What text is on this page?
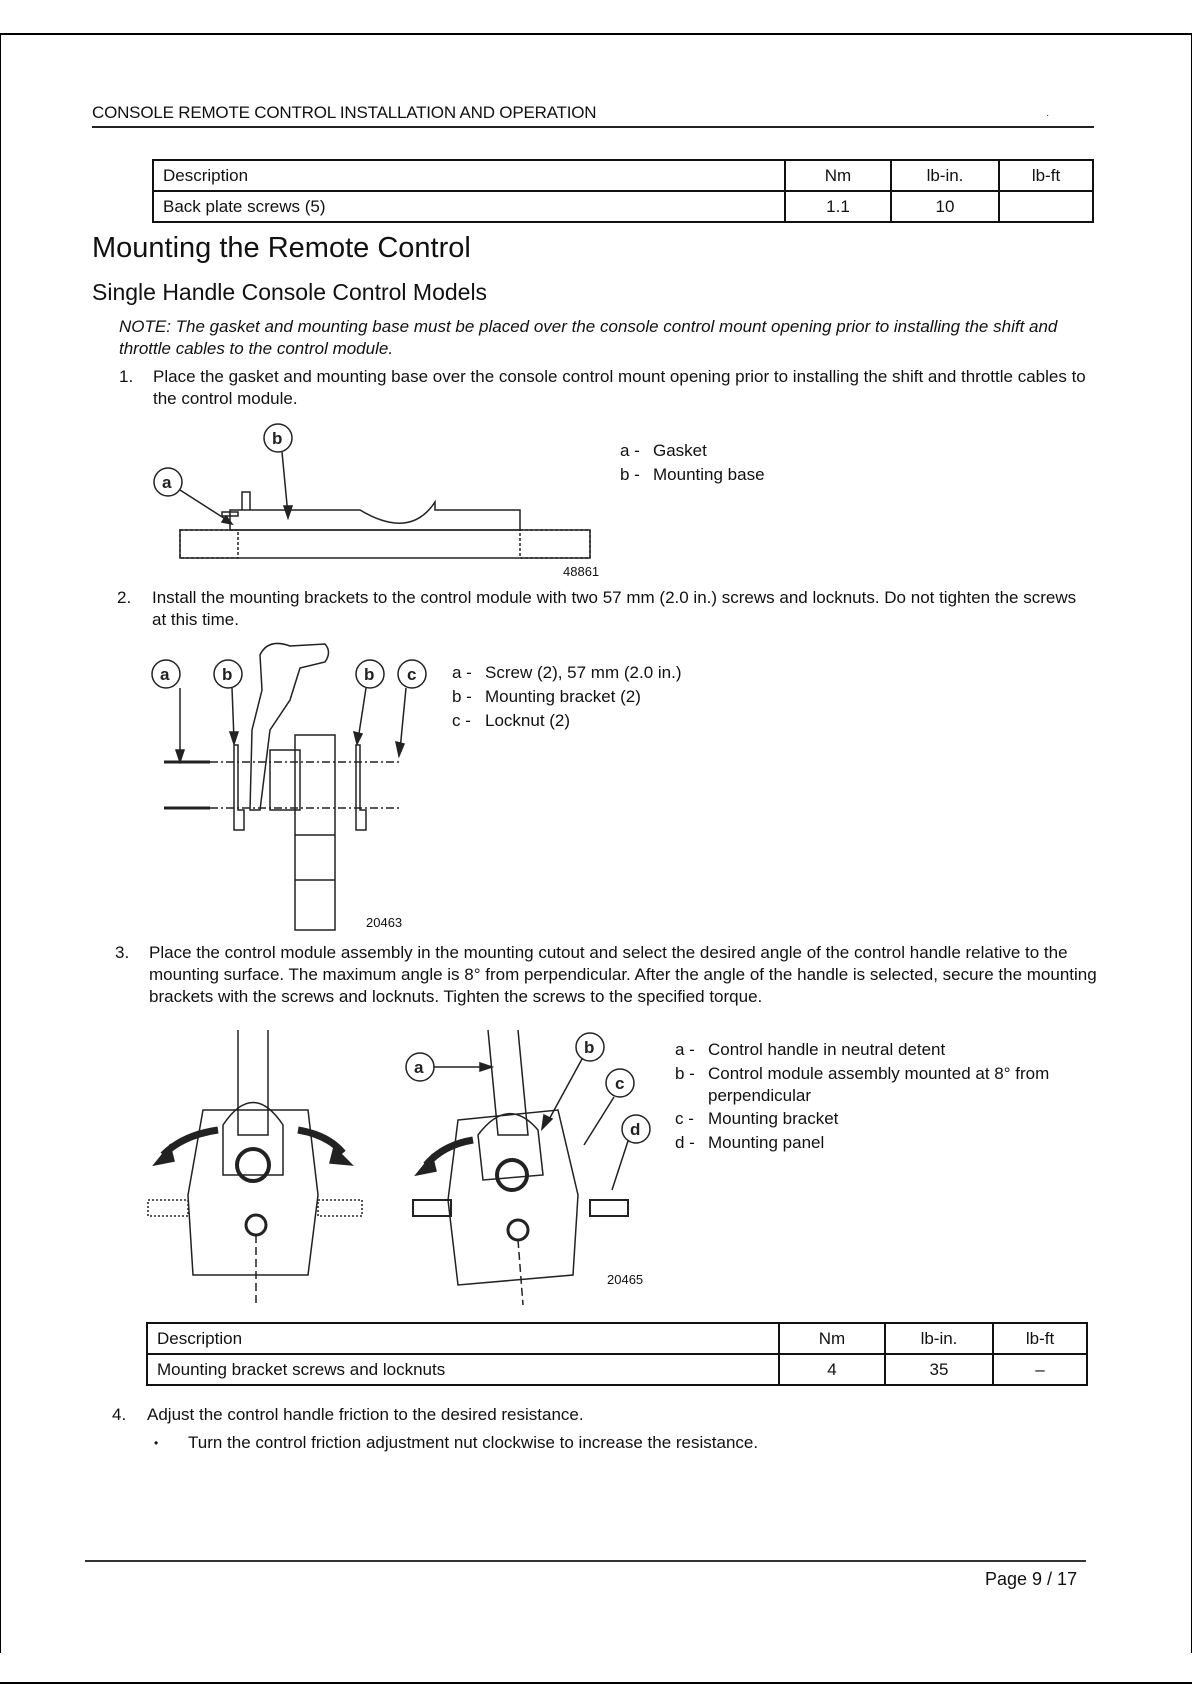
CONSOLE REMOTE CONTROL INSTALLATION AND OPERATION	·
Description	Nm	lb-in.	lb-ft
Back plate screws (5)	1.1	10	
Mounting the Remote Control
Single Handle Console Control Models
NOTE: The gasket and mounting base must be placed over the console control mount opening prior to installing the shift and throttle cables to the control module.
1. Place the gasket and mounting base over the console control mount opening prior to installing the shift and throttle cables to the control module.
b
a
48861
a - Gasket
b - Mounting base
2. Install the mounting brackets to the control module with two 57 mm (2.0 in.) screws and locknuts. Do not tighten the screws at this time.
a	b	b c
20463
a - Screw (2), 57 mm (2.0 in.)
b - Mounting bracket (2)
c - Locknut (2)
3. Place the control module assembly in the mounting cutout and select the desired angle of the control handle relative to the mounting surface. The maximum angle is 8° from perpendicular. After the angle of the handle is selected, secure the mounting brackets with the screws and locknuts. Tighten the screws to the specified torque.
a
b
c
d
20465
a - Control handle in neutral detent
b - Control module assembly mounted at 8° from perpendicular
c - Mounting bracket
d - Mounting panel
Description	Nm	lb-in.	lb-ft
Mounting bracket screws and locknuts	4	35	–
4. Adjust the control handle friction to the desired resistance.
• Turn the control friction adjustment nut clockwise to increase the resistance.
Page 9 / 17
